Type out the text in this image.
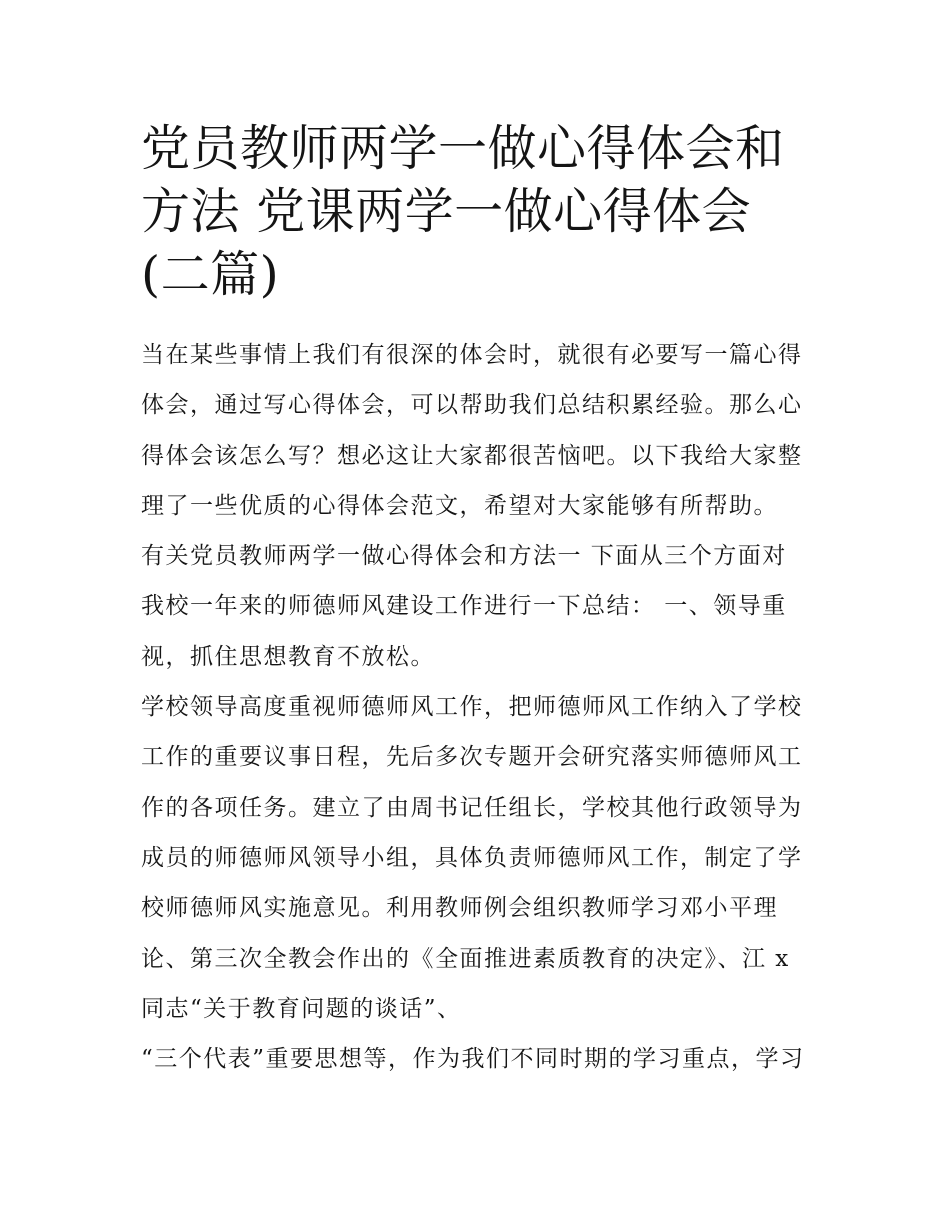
党员教师两学一做心得体会和
方法 党课两学一做心得体会
(二篇)
当在某些事情上我们有很深的体会时，就很有必要写一篇心得
体会，通过写心得体会，可以帮助我们总结积累经验。那么心
得体会该怎么写？想必这让大家都很苦恼吧。以下我给大家整
理了一些优质的心得体会范文，希望对大家能够有所帮助。
有关党员教师两学一做心得体会和方法一 下面从三个方面对
我校一年来的师德师风建设工作进行一下总结： 一、领导重
视，抓住思想教育不放松。
学校领导高度重视师德师风工作，把师德师风工作纳入了学校
工作的重要议事日程，先后多次专题开会研究落实师德师风工
作的各项任务。建立了由周书记任组长，学校其他行政领导为
成员的师德师风领导小组，具体负责师德师风工作，制定了学
校师德师风实施意见。利用教师例会组织教师学习邓小平理
论、第三次全教会作出的《全面推进素质教育的决定》、江 x
同志“关于教育问题的谈话”、
“三个代表”重要思想等，作为我们不同时期的学习重点，学习
